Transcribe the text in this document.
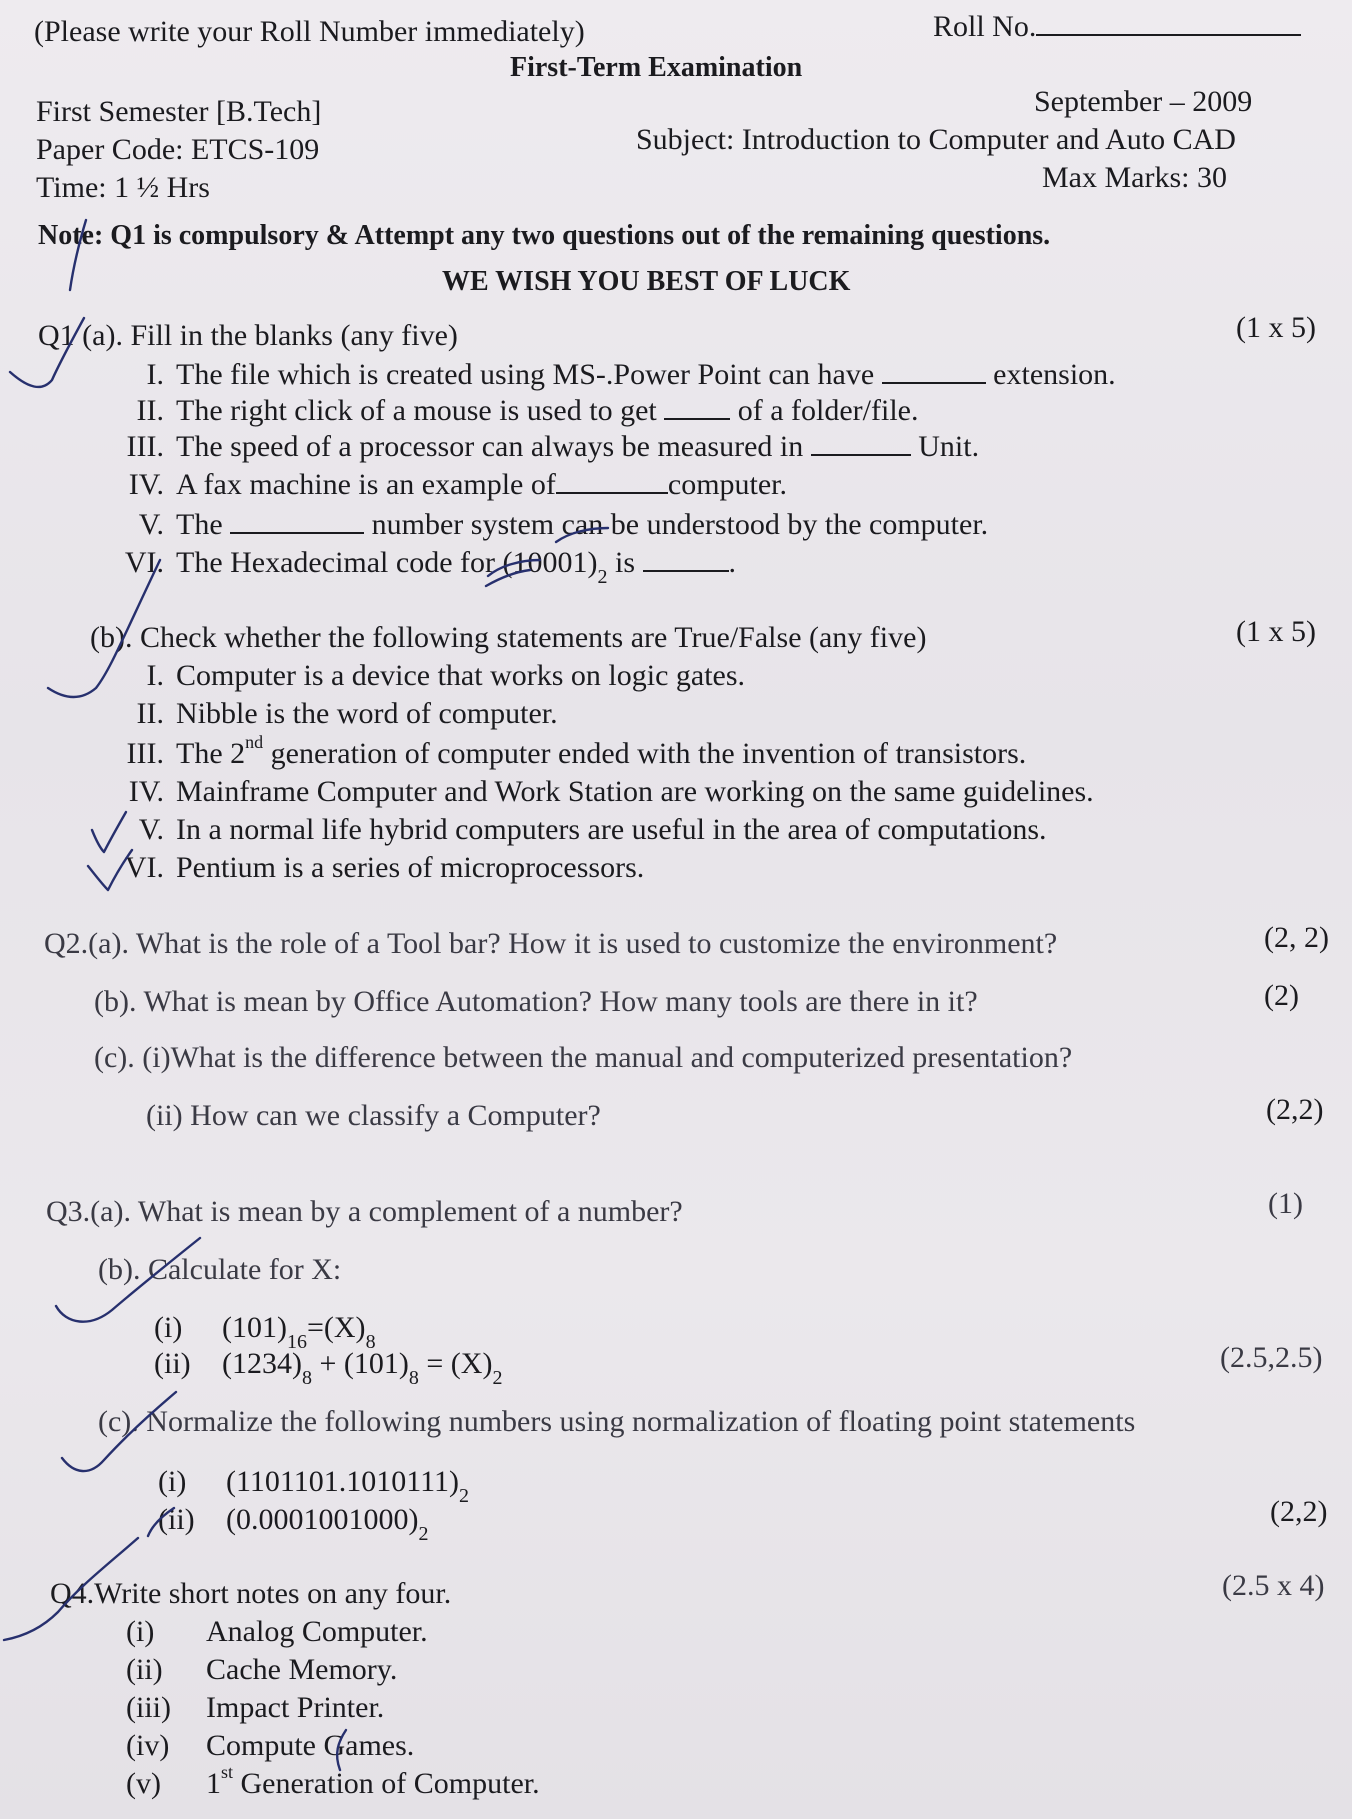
(Please write your Roll Number immediately)	Roll No.
First-Term Examination
First Semester [B.Tech]	September – 2009
Paper Code: ETCS-109	Subject: Introduction to Computer and Auto CAD
Time: 1 ½ Hrs	Max Marks: 30
Note: Q1 is compulsory & Attempt any two questions out of the remaining questions.
WE WISH YOU BEST OF LUCK
Q1 (a). Fill in the blanks (any five)	(1 x 5)
I. The file which is created using MS-.Power Point can have	extension.
II. The right click of a mouse is used to get	of a folder/file.
III. The speed of a processor can always be measured in	Unit.
IV. A fax machine is an example of	computer.
V. The	number system can be understood by the computer.
VI. The Hexadecimal code for $(10001)_2$ is	.
(b). Check whether the following statements are True/False (any five)	(1 x 5)
I. Computer is a device that works on logic gates.
II. Nibble is the word of computer.
III. The 2nd generation of computer ended with the invention of transistors.
IV. Mainframe Computer and Work Station are working on the same guidelines.
V. In a normal life hybrid computers are useful in the area of computations.
VI. Pentium is a series of microprocessors.
Q2.(a). What is the role of a Tool bar? How it is used to customize the environment?	(2, 2)
(b). What is mean by Office Automation? How many tools are there in it?	(2)
(c). (i)What is the difference between the manual and computerized presentation?
(ii) How can we classify a Computer?	(2,2)
Q3.(a). What is mean by a complement of a number?	(1)
(b). Calculate for X:
(i) $(101)_{16}=(X)_8$
(ii) $(1234)_8 + (101)_8 = (X)_2$
(2.5,2.5)
(c). Normalize the following numbers using normalization of floating point statements
(i) $(1101101.1010111)_2$
(ii) $(0.0001001000)_2$
(2,2)
Q4.Write short notes on any four.	(2.5 x 4)
(i) Analog Computer.
(ii) Cache Memory.
(iii) Impact Printer.
(iv) Compute Games.
(v) 1st Generation of Computer.
